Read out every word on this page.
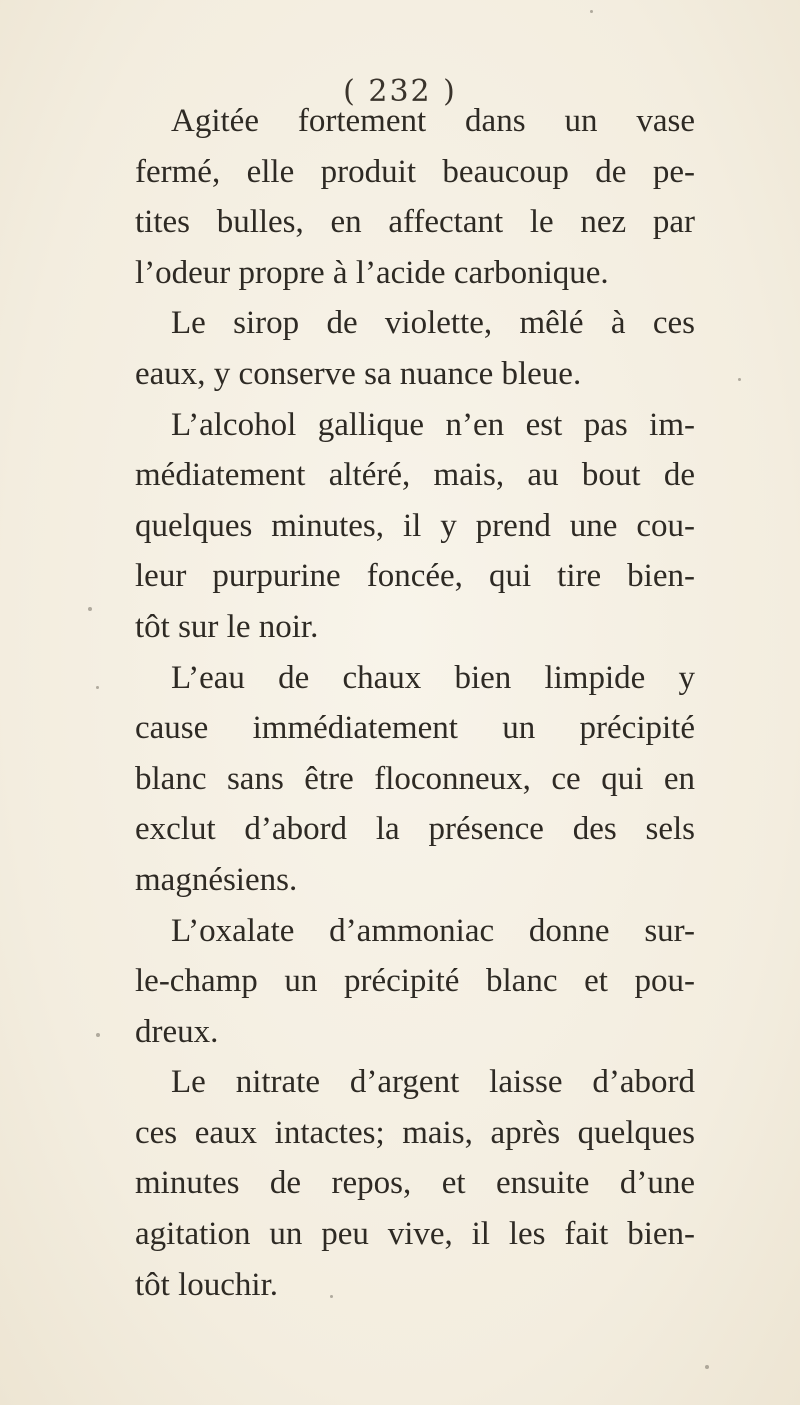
( 232 )
Agitée fortement dans un vase
fermé, elle produit beaucoup de pe-
tites bulles, en affectant le nez par
l’odeur propre à l’acide carbonique.
Le sirop de violette, mêlé à ces
eaux, y conserve sa nuance bleue.
L’alcohol gallique n’en est pas im-
médiatement altéré, mais, au bout de
quelques minutes, il y prend une cou-
leur purpurine foncée, qui tire bien-
tôt sur le noir.
L’eau de chaux bien limpide y
cause immédiatement un précipité
blanc sans être floconneux, ce qui en
exclut d’abord la présence des sels
magnésiens.
L’oxalate d’ammoniac donne sur-
le-champ un précipité blanc et pou-
dreux.
Le nitrate d’argent laisse d’abord
ces eaux intactes; mais, après quelques
minutes de repos, et ensuite d’une
agitation un peu vive, il les fait bien-
tôt louchir.
